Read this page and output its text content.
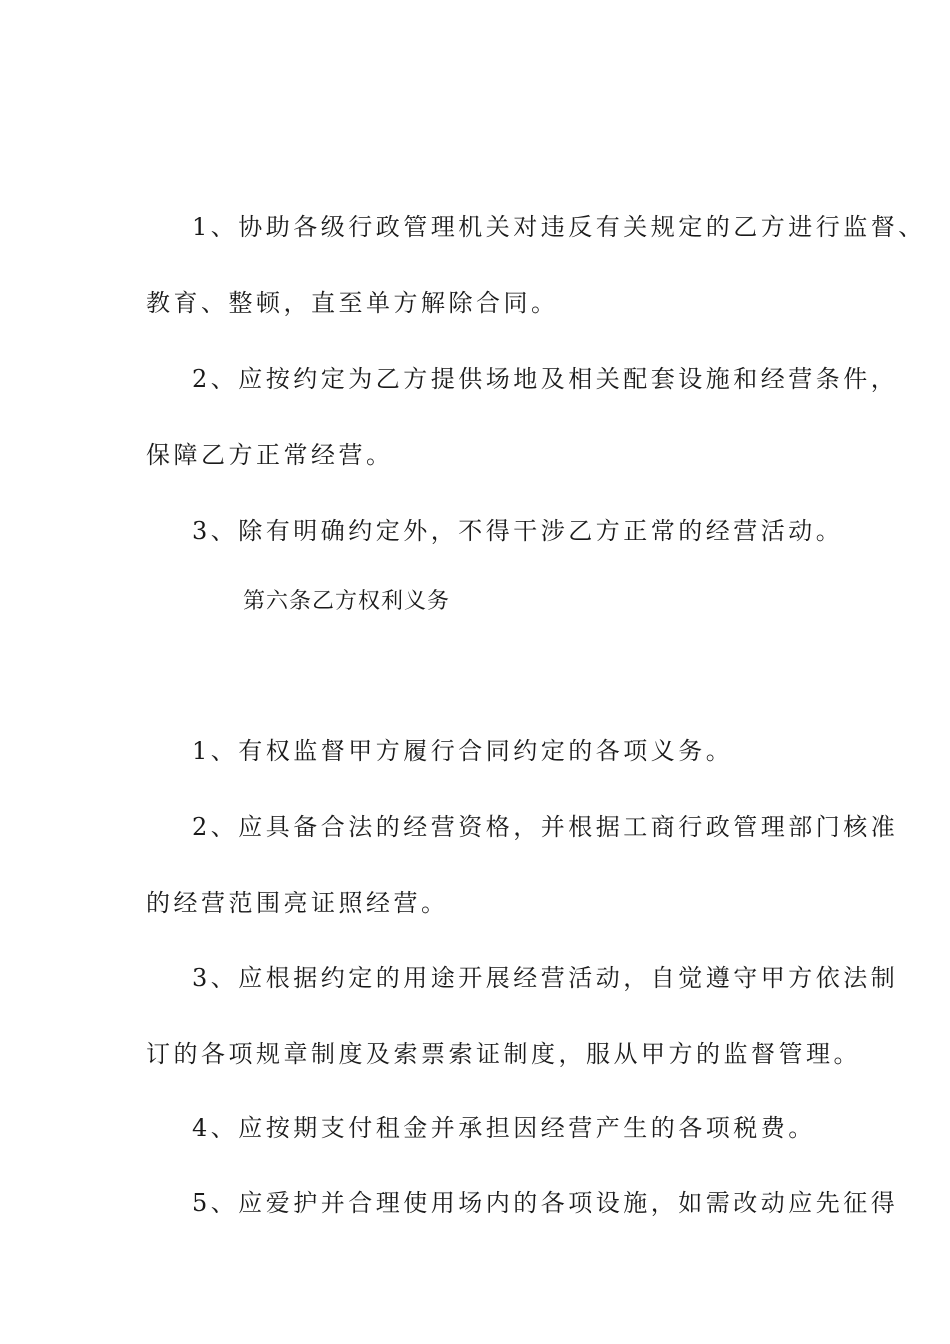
1、协助各级行政管理机关对违反有关规定的乙方进行监督、
教育、整顿，直至单方解除合同。
2、应按约定为乙方提供场地及相关配套设施和经营条件，
保障乙方正常经营。
3、除有明确约定外，不得干涉乙方正常的经营活动。
第六条乙方权利义务
1、有权监督甲方履行合同约定的各项义务。
2、应具备合法的经营资格，并根据工商行政管理部门核准
的经营范围亮证照经营。
3、应根据约定的用途开展经营活动，自觉遵守甲方依法制
订的各项规章制度及索票索证制度，服从甲方的监督管理。
4、应按期支付租金并承担因经营产生的各项税费。
5、应爱护并合理使用场内的各项设施，如需改动应先征得
